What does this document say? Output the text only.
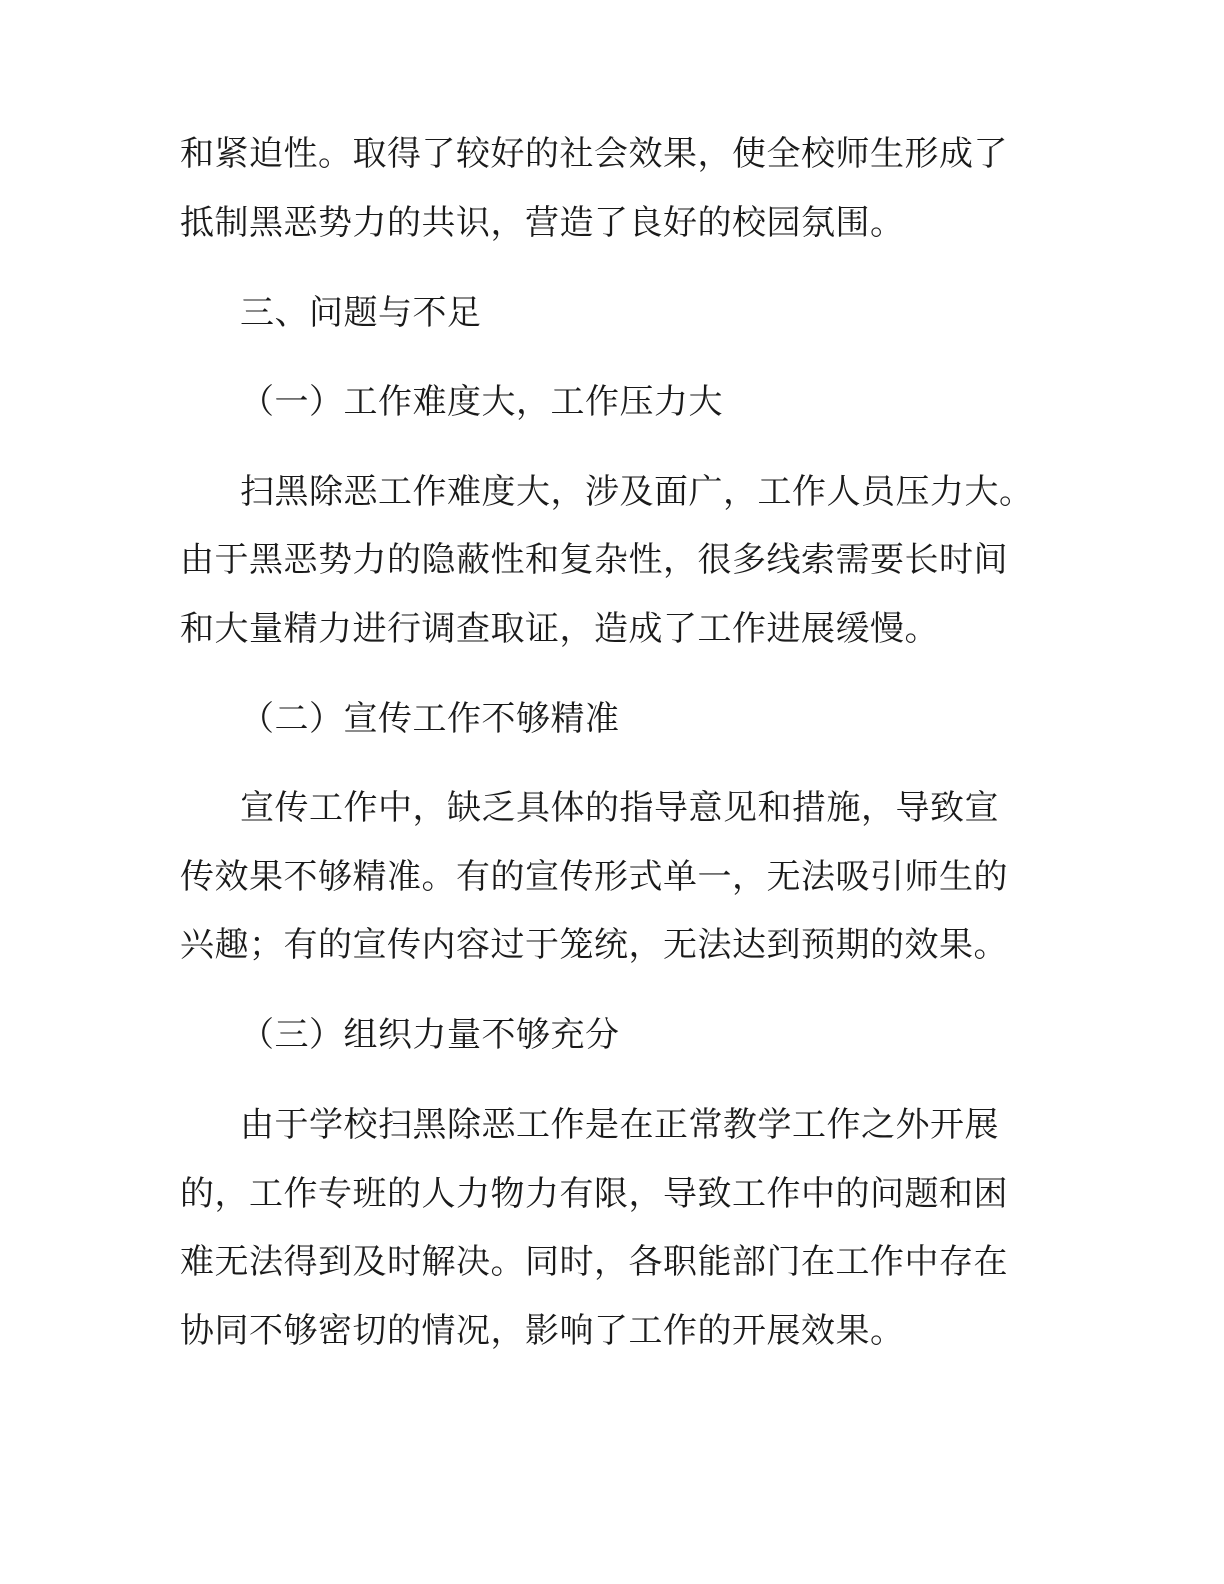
和紧迫性。取得了较好的社会效果，使全校师生形成了
抵制黑恶势力的共识，营造了良好的校园氛围。
三、问题与不足
（一）工作难度大，工作压力大
扫黑除恶工作难度大，涉及面广，工作人员压力大。
由于黑恶势力的隐蔽性和复杂性，很多线索需要长时间
和大量精力进行调查取证，造成了工作进展缓慢。
（二）宣传工作不够精准
宣传工作中，缺乏具体的指导意见和措施，导致宣
传效果不够精准。有的宣传形式单一，无法吸引师生的
兴趣；有的宣传内容过于笼统，无法达到预期的效果。
（三）组织力量不够充分
由于学校扫黑除恶工作是在正常教学工作之外开展
的，工作专班的人力物力有限，导致工作中的问题和困
难无法得到及时解决。同时，各职能部门在工作中存在
协同不够密切的情况，影响了工作的开展效果。
